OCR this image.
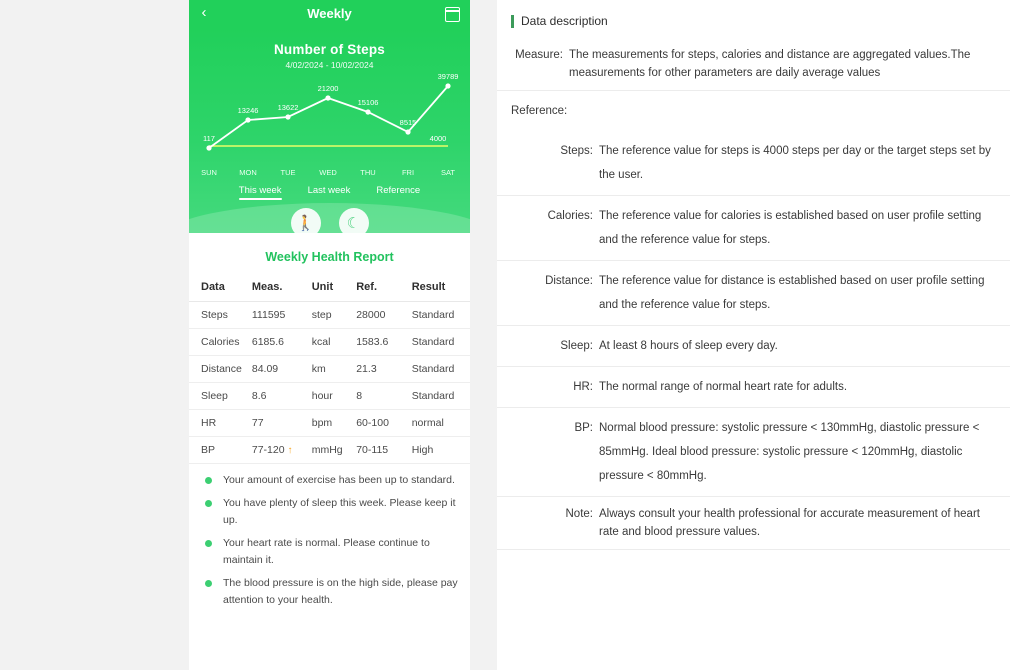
‹	Weekly
Number of Steps
4/02/2024 - 10/02/2024
117
13246	13622
21200
15106
8515
39789
4000
SUN	MON	TUE	WED	THU	FRI	SAT
This week	Last week	Reference
🚶	☾
Weekly Health Report
Data	Meas.	Unit	Ref.	Result
Steps	111595	step	28000	Standard
Calories	6185.6	kcal	1583.6	Standard
Distance	84.09	km	21.3	Standard
Sleep	8.6	hour	8	Standard
HR	77	bpm	60-100	normal
BP	77-120 ↑	mmHg	70-115	High
Your amount of exercise has been up to standard.
You have plenty of sleep this week. Please keep it up.
Your heart rate is normal. Please continue to maintain it.
The blood pressure is on the high side, please pay attention to your health.
Data description
Measure: The measurements for steps, calories and distance are aggregated values.The measurements for other parameters are daily average values
Reference:
Steps: The reference value for steps is 4000 steps per day or the target steps set by the user.
Calories: The reference value for calories is established based on user profile setting and the reference value for steps.
Distance: The reference value for distance is established based on user profile setting and the reference value for steps.
Sleep: At least 8 hours of sleep every day.
HR: The normal range of normal heart rate for adults.
BP: Normal blood pressure: systolic pressure < 130mmHg, diastolic pressure < 85mmHg. Ideal blood pressure: systolic pressure < 120mmHg, diastolic pressure < 80mmHg.
Note: Always consult your health professional for accurate measurement of heart rate and blood pressure values.
